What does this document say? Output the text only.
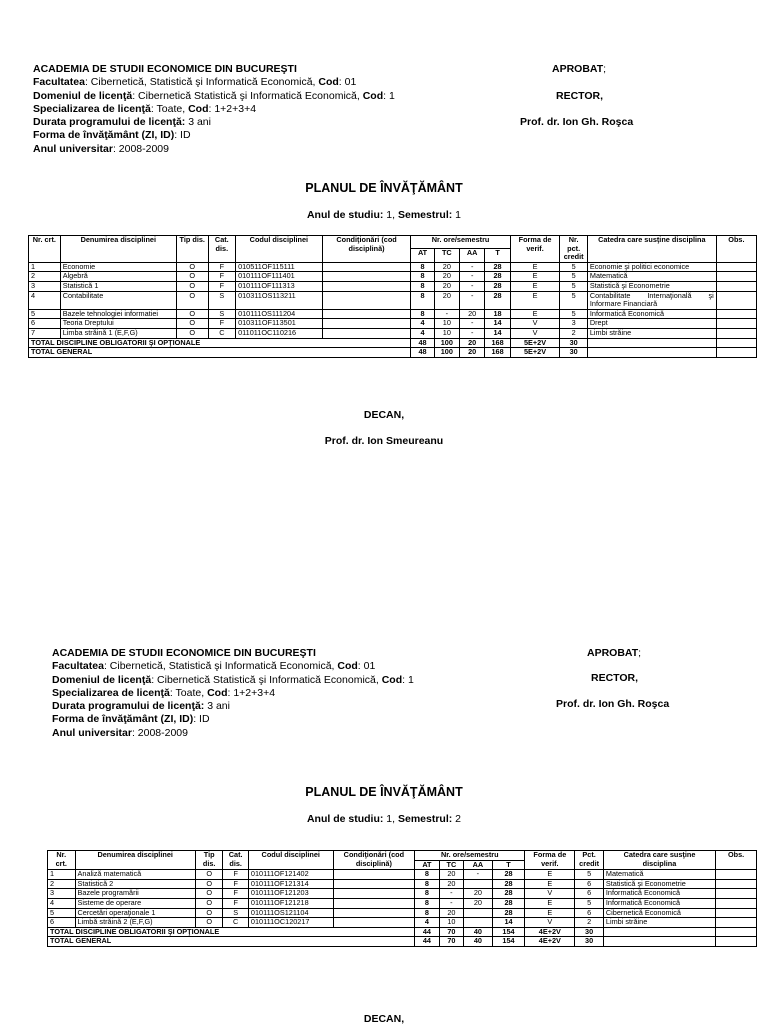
ACADEMIA DE STUDII ECONOMICE DIN BUCUREŞTI
Facultatea: Cibernetică, Statistică şi Informatică Economică, Cod: 01
Domeniul de licenţă: Cibernetică Statistică şi Informatică Economică, Cod: 1
Specializarea de licenţă: Toate, Cod: 1+2+3+4
Durata programului de licenţă: 3 ani
Forma de învăţământ (ZI, ID): ID
Anul universitar: 2008-2009
APROBAT;
RECTOR,
Prof. dr. Ion Gh. Roşca
PLANUL DE ÎNVĂŢĂMÂNT
Anul de studiu: 1, Semestrul: 1
Nr. crt.	Denumirea disciplinei	Tip dis.	Cat. dis.	Codul disciplinei	Condiţionări (cod disciplină)	Nr. ore/semestru				Forma de verif.	Nr. pct. credit	Catedra care susţine disciplina	Obs.
						AT	TC	AA	T				
1	Economie	O	F	010511OF115111		8	20	-	28	E	5	Economie şi politici economice	
2	Algebră	O	F	010111OF111401		8	20	-	28	E	5	Matematică	
3	Statistică 1	O	F	010111OF111313		8	20	-	28	E	5	Statistică şi Econometrie	
4	Contabilitate	O	S	010311OS113211		8	20	-	28	E	5	Contabilitate Internaţională şi Informare Financiară	
5	Bazele tehnologiei informatiei	O	S	010111OS111204		8	-	20	18	E	5	Informatică Economică	
6	Teoria Dreptului	O	F	010311OF113501		4	10	-	14	V	3	Drept	
7	Limba străină 1 (E,F,G)	O	C	011011OC110216		4	10	-	14	V	2	Limbi străine	
TOTAL DISCIPLINE OBLIGATORII ŞI OPŢIONALE						48	100	20	168	5E+2V	30		
TOTAL GENERAL						48	100	20	168	5E+2V	30		
DECAN,
Prof. dr. Ion Smeureanu
ACADEMIA DE STUDII ECONOMICE DIN BUCUREŞTI
Facultatea: Cibernetică, Statistică şi Informatică Economică, Cod: 01
Domeniul de licenţă: Cibernetică Statistică şi Informatică Economică, Cod: 1
Specializarea de licenţă: Toate, Cod: 1+2+3+4
Durata programului de licenţă: 3 ani
Forma de învăţământ (ZI, ID): ID
Anul universitar: 2008-2009
APROBAT;
RECTOR,
Prof. dr. Ion Gh. Roşca
PLANUL DE ÎNVĂŢĂMÂNT
Anul de studiu: 1, Semestrul: 2
Nr. crt.	Denumirea disciplinei	Tip dis.	Cat. dis.	Codul disciplinei	Condiţionări (cod disciplină)	Nr. ore/semestru				Forma de verif.	Pct. credit	Catedra care susţine disciplina	Obs.
						AT	TC	AA	T				
1	Analiză matematică	O	F	010111OF121402		8	20	-	28	E	5	Matematică	
2	Statistică 2	O	F	010111OF121314		8	20		28	E	6	Statistică şi Econometrie	
3	Bazele programării	O	F	010111OF121203		8	-	20	28	V	6	Informatică Economică	
4	Sisteme de operare	O	F	010111OF121218		8	-	20	28	E	5	Informatică Economică	
5	Cercetări operaţionale 1	O	S	010111OS121104		8	20		28	E	6	Cibernetică Economică	
6	Limbă străină 2 (E,F,G)	O	C	010111OC120217		4	10		14	V	2	Limbi străine	
TOTAL DISCIPLINE OBLIGATORII ŞI OPŢIONALE						44	70	40	154	4E+2V	30		
TOTAL GENERAL						44	70	40	154	4E+2V	30		
DECAN,
